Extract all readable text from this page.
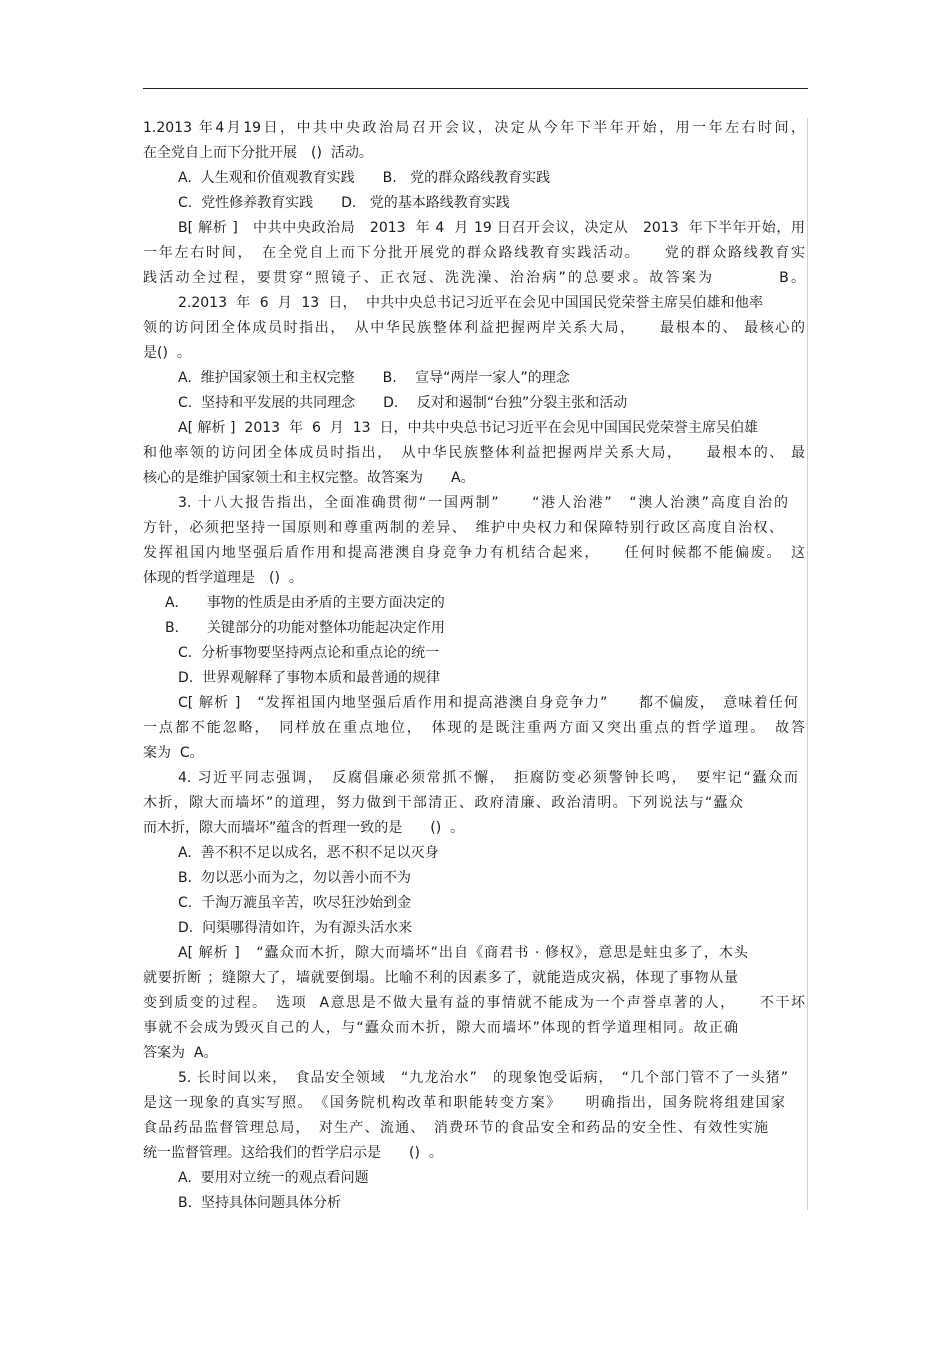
1.2013 年4月19日，中共中央政治局召开会议，决定从今年下半年开始，用一年左右时间，
在全党自上而下分批开展　()  活动。
A.  人生观和价值观教育实践　　B.   党的群众路线教育实践
C.  党性修养教育实践　　D.   党的基本路线教育实践
B[ 解析 ]   中共中央政治局　2013  年 4  月 19 日召开会议，决定从　2013  年下半年开始，用
一年左右时间，　在全党自上而下分批开展党的群众路线教育实践活动。　　党的群众路线教育实
践活动全过程，要贯穿“照镜子、正衣冠、洗洗澡、治治病”的总要求。故答案为　　　　B。
2.2013  年  6  月  13  日，  中共中央总书记习近平在会见中国国民党荣誉主席吴伯雄和他率
领的访问团全体成员时指出，　从中华民族整体利益把握两岸关系大局，　　最根本的、 最核心的
是()  。
A.  维护国家领土和主权完整　　B.　 宣导“两岸一家人”的理念
C.  坚持和平发展的共同理念　　D.　 反对和遏制“台独”分裂主张和活动
A[ 解析 ]  2013  年  6  月  13  日，中共中央总书记习近平在会见中国国民党荣誉主席吴伯雄
和他率领的访问团全体成员时指出，　从中华民族整体利益把握两岸关系大局，　　最根本的、 最
核心的是维护国家领土和主权完整。故答案为　　A。
3. 十八大报告指出，全面准确贯彻“一国两制”　　“港人治港”　“澳人治澳”高度自治的
方针，必须把坚持一国原则和尊重两制的差异、　维护中央权力和保障特别行政区高度自治权、
发挥祖国内地坚强后盾作用和提高港澳自身竞争力有机结合起来，　　任何时候都不能偏废。　这
体现的哲学道理是　()  。
A.　　事物的性质是由矛盾的主要方面决定的
B.　　关键部分的功能对整体功能起决定作用
C.  分析事物要坚持两点论和重点论的统一
D.  世界观解释了事物本质和最普通的规律
C[ 解析 ]   “发挥祖国内地坚强后盾作用和提高港澳自身竞争力”　　都不偏废，　意味着任何
一点都不能忽略，　同样放在重点地位，　体现的是既注重两方面又突出重点的哲学道理。　故答
案为  C。
4. 习近平同志强调，　反腐倡廉必须常抓不懈，　拒腐防变必须警钟长鸣，　要牢记“蠹众而
木折，隙大而墙坏”的道理，努力做到干部清正、政府清廉、政治清明。下列说法与“蠹众
而木折，隙大而墙坏”蕴含的哲理一致的是　　()  。
A.  善不积不足以成名，恶不积不足以灭身
B.  勿以恶小而为之，勿以善小而不为
C.  千淘万漉虽辛苦，吹尽狂沙始到金
D.  问渠哪得清如许，为有源头活水来
A[ 解析 ]   “蠹众而木折，隙大而墙坏”出自《商君书 · 修权》，意思是蛀虫多了，木头
就要折断 ；缝隙大了，墙就要倒塌。比喻不利的因素多了，就能造成灾祸，体现了事物从量
变到质变的过程。　选项  A意思是不做大量有益的事情就不能成为一个声誉卓著的人，　　不干坏
事就不会成为毁灭自己的人，与“蠹众而木折，隙大而墙坏”体现的哲学道理相同。故正确
答案为  A。
5. 长时间以来，　食品安全领域　“九龙治水”　的现象饱受诟病，　“几个部门管不了一头猪”
是这一现象的真实写照。　《国务院机构改革和职能转变方案》　　明确指出，国务院将组建国家
食品药品监督管理总局，　对生产、流通、　消费环节的食品安全和药品的安全性、有效性实施
统一监督管理。这给我们的哲学启示是　　()  。
A.  要用对立统一的观点看问题
B.  坚持具体问题具体分析
